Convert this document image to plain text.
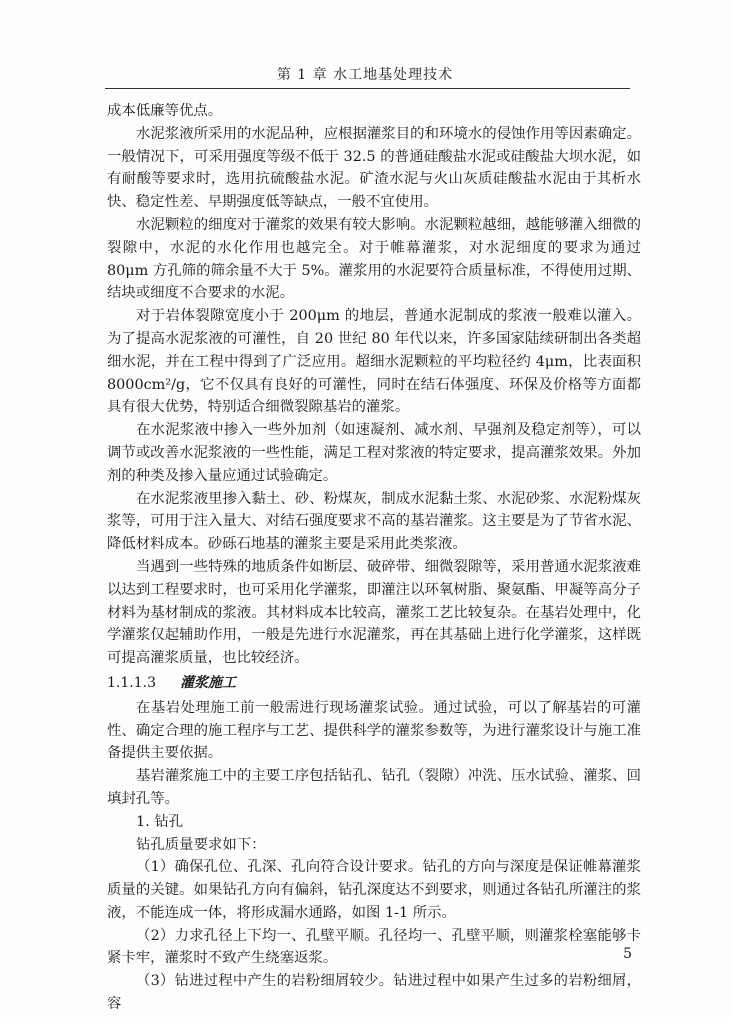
第 1 章 水工地基处理技术

成本低廉等优点。

水泥浆液所采用的水泥品种，应根据灌浆目的和环境水的侵蚀作用等因素确定。一般情况下，可采用强度等级不低于 32.5 的普通硅酸盐水泥或硅酸盐大坝水泥，如有耐酸等要求时，选用抗硫酸盐水泥。矿渣水泥与火山灰质硅酸盐水泥由于其析水快、稳定性差、早期强度低等缺点，一般不宜使用。

水泥颗粒的细度对于灌浆的效果有较大影响。水泥颗粒越细，越能够灌入细微的裂隙中，水泥的水化作用也越完全。对于帷幕灌浆，对水泥细度的要求为通过 80μm 方孔筛的筛余量不大于 5%。灌浆用的水泥要符合质量标准，不得使用过期、结块或细度不合要求的水泥。

对于岩体裂隙宽度小于 200μm 的地层，普通水泥制成的浆液一般难以灌入。为了提高水泥浆液的可灌性，自 20 世纪 80 年代以来，许多国家陆续研制出各类超细水泥，并在工程中得到了广泛应用。超细水泥颗粒的平均粒径约 4μm，比表面积 8000cm²/g，它不仅具有良好的可灌性，同时在结石体强度、环保及价格等方面都具有很大优势，特别适合细微裂隙基岩的灌浆。

在水泥浆液中掺入一些外加剂（如速凝剂、减水剂、早强剂及稳定剂等），可以调节或改善水泥浆液的一些性能，满足工程对浆液的特定要求，提高灌浆效果。外加剂的种类及掺入量应通过试验确定。

在水泥浆液里掺入黏土、砂、粉煤灰，制成水泥黏土浆、水泥砂浆、水泥粉煤灰浆等，可用于注入量大、对结石强度要求不高的基岩灌浆。这主要是为了节省水泥、降低材料成本。砂砾石地基的灌浆主要是采用此类浆液。

当遇到一些特殊的地质条件如断层、破碎带、细微裂隙等，采用普通水泥浆液难以达到工程要求时，也可采用化学灌浆，即灌注以环氧树脂、聚氨酯、甲凝等高分子材料为基材制成的浆液。其材料成本比较高，灌浆工艺比较复杂。在基岩处理中，化学灌浆仅起辅助作用，一般是先进行水泥灌浆，再在其基础上进行化学灌浆，这样既可提高灌浆质量，也比较经济。

1.1.1.3 灌浆施工

在基岩处理施工前一般需进行现场灌浆试验。通过试验，可以了解基岩的可灌性、确定合理的施工程序与工艺、提供科学的灌浆参数等，为进行灌浆设计与施工准备提供主要依据。

基岩灌浆施工中的主要工序包括钻孔、钻孔（裂隙）冲洗、压水试验、灌浆、回填封孔等。

1. 钻孔

钻孔质量要求如下：

（1）确保孔位、孔深、孔向符合设计要求。钻孔的方向与深度是保证帷幕灌浆质量的关键。如果钻孔方向有偏斜，钻孔深度达不到要求，则通过各钻孔所灌注的浆液，不能连成一体，将形成漏水通路，如图 1-1 所示。

（2）力求孔径上下均一、孔壁平顺。孔径均一、孔壁平顺，则灌浆栓塞能够卡紧卡牢，灌浆时不致产生绕塞返浆。

（3）钻进过程中产生的岩粉细屑较少。钻进过程中如果产生过多的岩粉细屑，容

5
